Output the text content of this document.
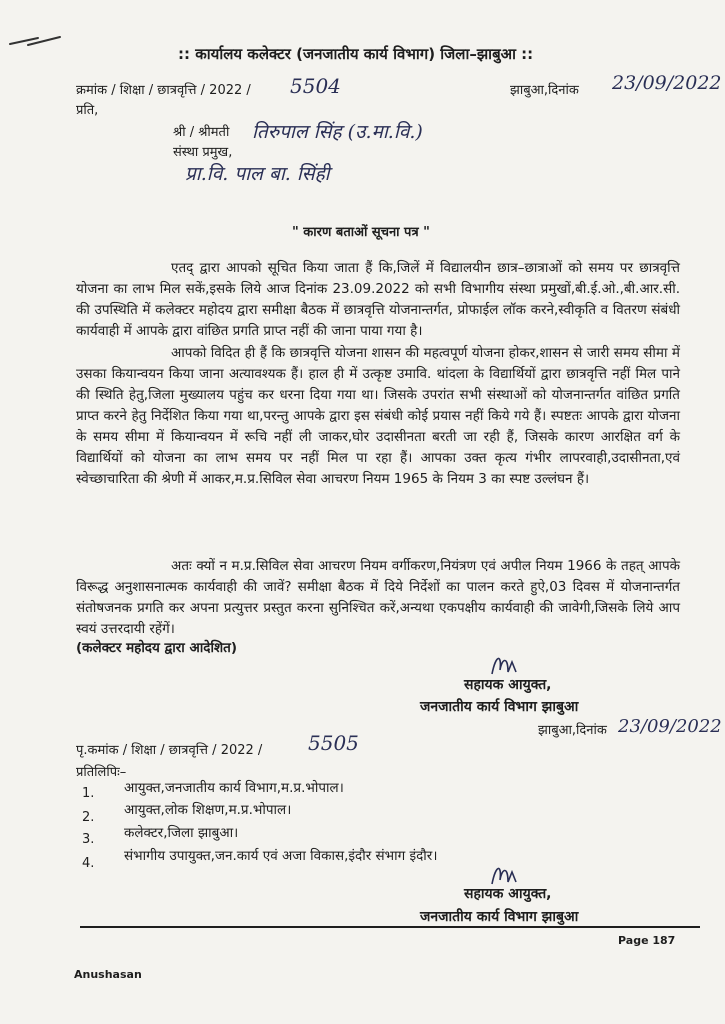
:: कार्यालय कलेक्टर (जनजातीय कार्य विभाग) जिला–झाबुआ ::
क्रमांक / शिक्षा / छात्रवृत्ति / 2022 / 5504	झाबुआ,दिनांक 23/09/2022
प्रति,
श्री / श्रीमती तिरुपाल सिंह (उ.मा.वि.)
संस्था प्रमुख,
प्रा.वि. पाल बा. सिंही
" कारण बताओं सूचना पत्र "
एतद् द्वारा आपको सूचित किया जाता हैं कि,जिलें में विद्यालयीन छात्र–छात्राओं को समय पर छात्रवृत्ति योजना का लाभ मिल सकें,इसके लिये आज दिनांक 23.09.2022 को सभी विभागीय संस्था प्रमुखों,बी.ई.ओ.,बी.आर.सी. की उपस्थिति में कलेक्टर महोदय द्वारा समीक्षा बैठक में छात्रवृत्ति योजनान्तर्गत, प्रोफाईल लॉक करने,स्वीकृति व वितरण संबंधी कार्यवाही में आपके द्वारा वांछित प्रगति प्राप्त नहीं की जाना पाया गया है।
आपको विदित ही हैं कि छात्रवृत्ति योजना शासन की महत्वपूर्ण योजना होकर,शासन से जारी समय सीमा में उसका कियान्वयन किया जाना अत्यावश्यक हैं। हाल ही में उत्कृष्ट उमावि. थांदला के विद्यार्थियों द्वारा छात्रवृत्ति नहीं मिल पाने की स्थिति हेतु,जिला मुख्यालय पहुंच कर धरना दिया गया था। जिसके उपरांत सभी संस्थाओं को योजनान्तर्गत वांछित प्रगति प्राप्त करने हेतु निर्देशित किया गया था,परन्तु आपके द्वारा इस संबंधी कोई प्रयास नहीं किये गये हैं। स्पष्टतः आपके द्वारा योजना के समय सीमा में कियान्वयन में रूचि नहीं ली जाकर,घोर उदासीनता बरती जा रही हैं, जिसके कारण आरक्षित वर्ग के विद्यार्थियों को योजना का लाभ समय पर नहीं मिल पा रहा हैं। आपका उक्त कृत्य गंभीर लापरवाही,उदासीनता,एवं स्वेच्छाचारिता की श्रेणी में आकर,म.प्र.सिविल सेवा आचरण नियम 1965 के नियम 3 का स्पष्ट उल्लंघन हैं।
अतः क्यों न म.प्र.सिविल सेवा आचरण नियम वर्गीकरण,नियंत्रण एवं अपील नियम 1966 के तहत् आपके विरूद्ध अनुशासनात्मक कार्यवाही की जावें? समीक्षा बैठक में दिये निर्देशों का पालन करते हुऐ,03 दिवस में योजनान्तर्गत संतोषजनक प्रगति कर अपना प्रत्युत्तर प्रस्तुत करना सुनिश्चित करें,अन्यथा एकपक्षीय कार्यवाही की जावेगी,जिसके लिये आप स्वयं उत्तरदायी रहेंगें।
(कलेक्टर महोदय द्वारा आदेशित)
सहायक आयुक्त,
जनजातीय कार्य विभाग झाबुआ
झाबुआ,दिनांक 23/09/2022
पृ.कमांक / शिक्षा / छात्रवृत्ति / 2022 / 5505
प्रतिलिपिः–
1. आयुक्त,जनजातीय कार्य विभाग,म.प्र.भोपाल।
2. आयुक्त,लोक शिक्षण,म.प्र.भोपाल।
3. कलेक्टर,जिला झाबुआ।
4. संभागीय उपायुक्त,जन.कार्य एवं अजा विकास,इंदौर संभाग इंदौर।
सहायक आयुक्त,
जनजातीय कार्य विभाग झाबुआ
Page 187
Anushasan
